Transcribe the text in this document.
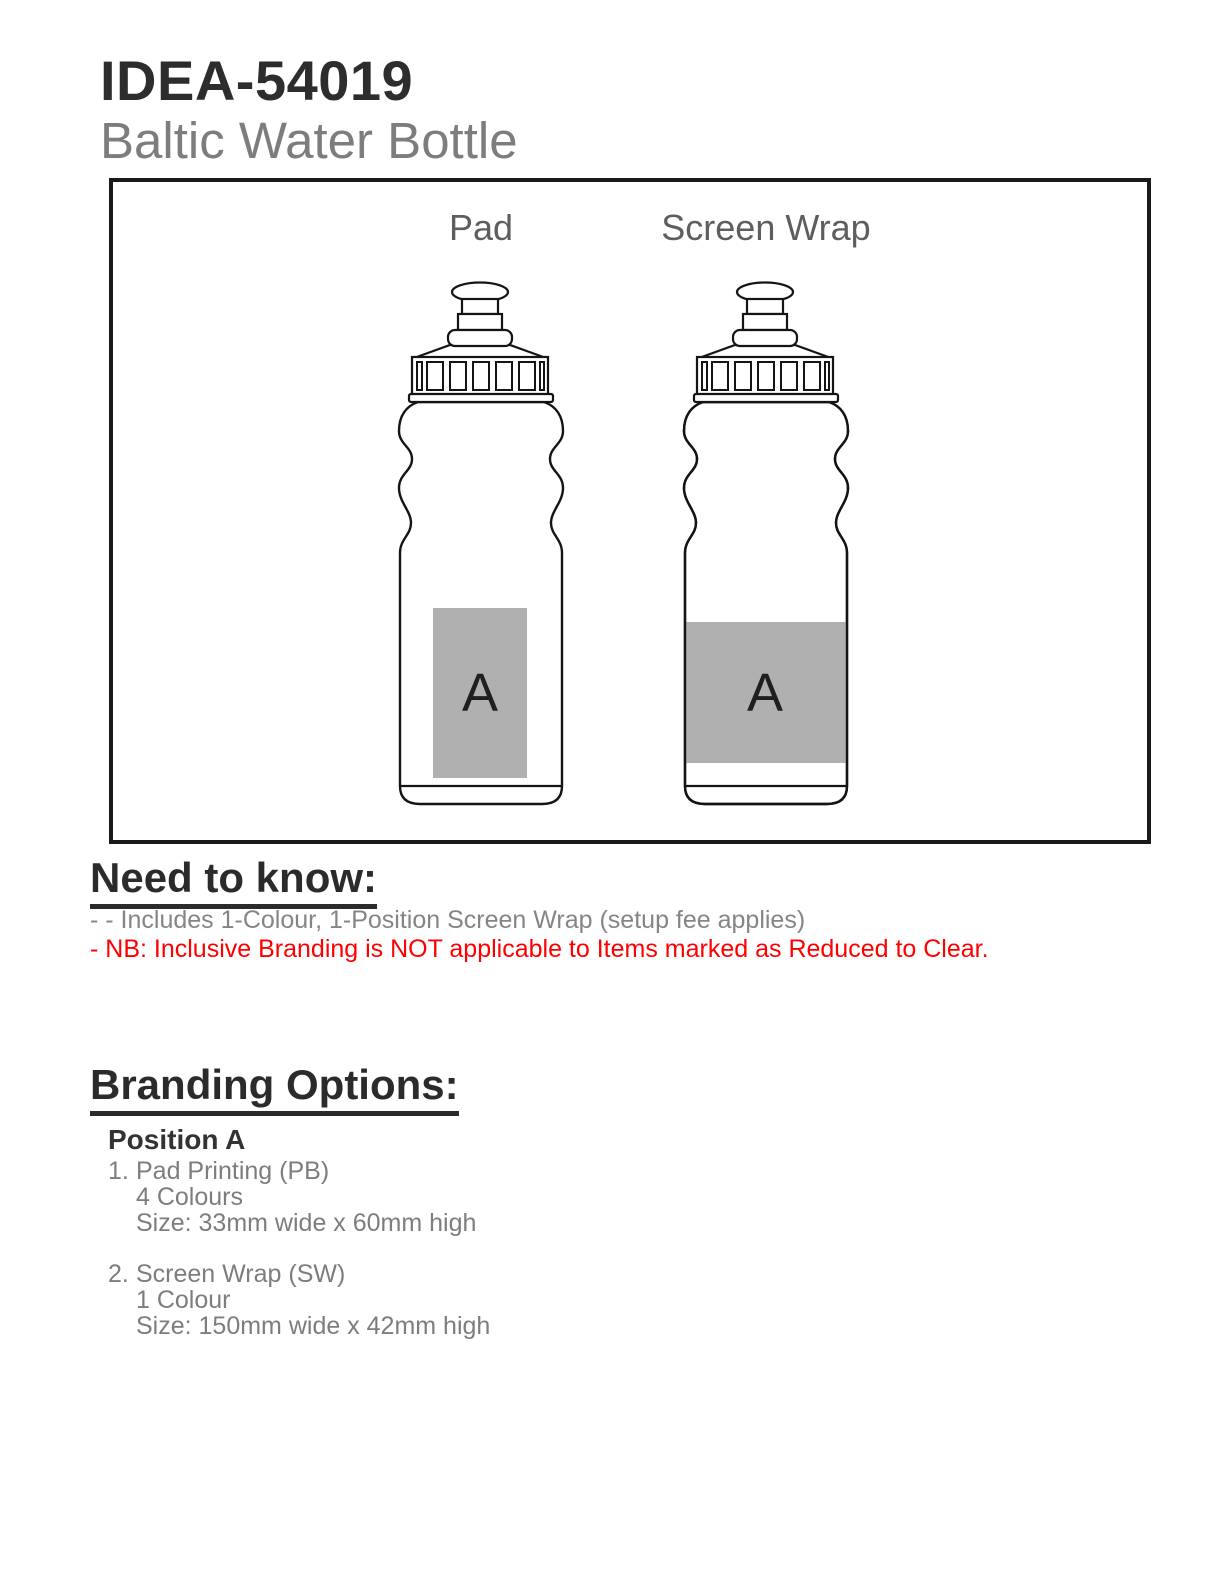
IDEA-54019
Baltic Water Bottle
Pad	Screen Wrap
A	A
Need to know:

- - Includes 1-Colour, 1-Position Screen Wrap (setup fee applies)

- NB: Inclusive Branding is NOT applicable to Items marked as Reduced to Clear.

Branding Options:
Position A
1. Pad Printing (PB)
4 Colours
Size: 33mm wide x 60mm high
2. Screen Wrap (SW)
1 Colour
Size: 150mm wide x 42mm high
